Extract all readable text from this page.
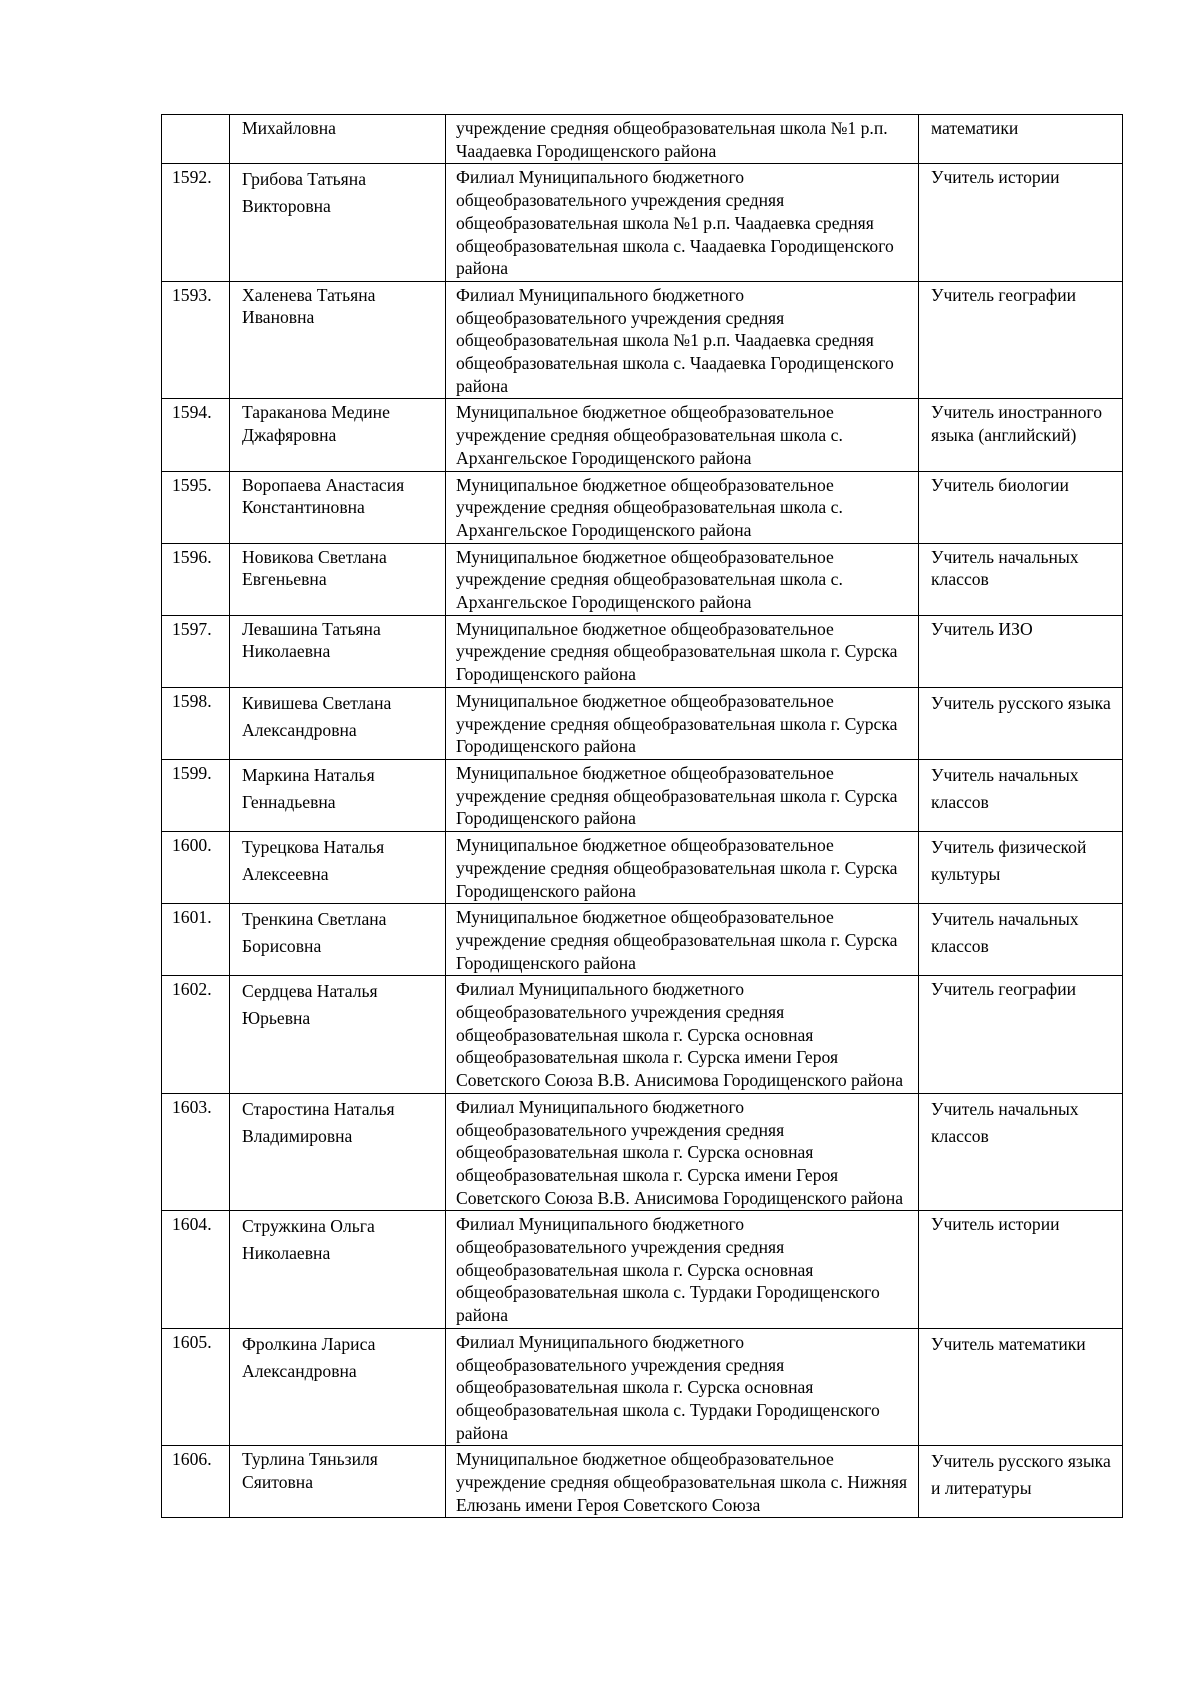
	Михайловна	учреждение средняя общеобразовательная школа №1 р.п. Чаадаевка Городищенского района	математики
1592.	Грибова Татьяна Викторовна	Филиал Муниципального бюджетного общеобразовательного учреждения средняя общеобразовательная школа №1 р.п. Чаадаевка средняя общеобразовательная школа с. Чаадаевка Городищенского района	Учитель истории
1593.	Халенева Татьяна Ивановна	Филиал Муниципального бюджетного общеобразовательного учреждения средняя общеобразовательная школа №1 р.п. Чаадаевка средняя общеобразовательная школа с. Чаадаевка Городищенского района	Учитель географии
1594.	Тараканова Медине Джафяровна	Муниципальное бюджетное общеобразовательное учреждение средняя общеобразовательная школа с. Архангельское Городищенского района	Учитель иностранного языка (английский)
1595.	Воропаева Анастасия Константиновна	Муниципальное бюджетное общеобразовательное учреждение средняя общеобразовательная школа с. Архангельское Городищенского района	Учитель биологии
1596.	Новикова Светлана Евгеньевна	Муниципальное бюджетное общеобразовательное учреждение средняя общеобразовательная школа с. Архангельское Городищенского района	Учитель начальных классов
1597.	Левашина Татьяна Николаевна	Муниципальное бюджетное общеобразовательное учреждение средняя общеобразовательная школа г. Сурска Городищенского района	Учитель ИЗО
1598.	Кивишева Светлана Александровна	Муниципальное бюджетное общеобразовательное учреждение средняя общеобразовательная школа г. Сурска Городищенского района	Учитель русского языка
1599.	Маркина Наталья Геннадьевна	Муниципальное бюджетное общеобразовательное учреждение средняя общеобразовательная школа г. Сурска Городищенского района	Учитель начальных классов
1600.	Турецкова Наталья Алексеевна	Муниципальное бюджетное общеобразовательное учреждение средняя общеобразовательная школа г. Сурска Городищенского района	Учитель физической культуры
1601.	Тренкина Светлана Борисовна	Муниципальное бюджетное общеобразовательное учреждение средняя общеобразовательная школа г. Сурска Городищенского района	Учитель начальных классов
1602.	Сердцева Наталья Юрьевна	Филиал Муниципального бюджетного общеобразовательного учреждения средняя общеобразовательная школа г. Сурска основная общеобразовательная школа г. Сурска имени Героя Советского Союза В.В. Анисимова Городищенского района	Учитель географии
1603.	Старостина Наталья Владимировна	Филиал Муниципального бюджетного общеобразовательного учреждения средняя общеобразовательная школа г. Сурска основная общеобразовательная школа г. Сурска имени Героя Советского Союза В.В. Анисимова Городищенского района	Учитель начальных классов
1604.	Стружкина Ольга Николаевна	Филиал Муниципального бюджетного общеобразовательного учреждения средняя общеобразовательная школа г. Сурска основная общеобразовательная школа с. Турдаки Городищенского района	Учитель истории
1605.	Фролкина Лариса Александровна	Филиал Муниципального бюджетного общеобразовательного учреждения средняя общеобразовательная школа г. Сурска основная общеобразовательная школа с. Турдаки Городищенского района	Учитель математики
1606.	Турлина Тяньзиля Сяитовна	Муниципальное бюджетное общеобразовательное учреждение средняя общеобразовательная школа с. Нижняя Елюзань имени Героя Советского Союза	Учитель русского языка и литературы
